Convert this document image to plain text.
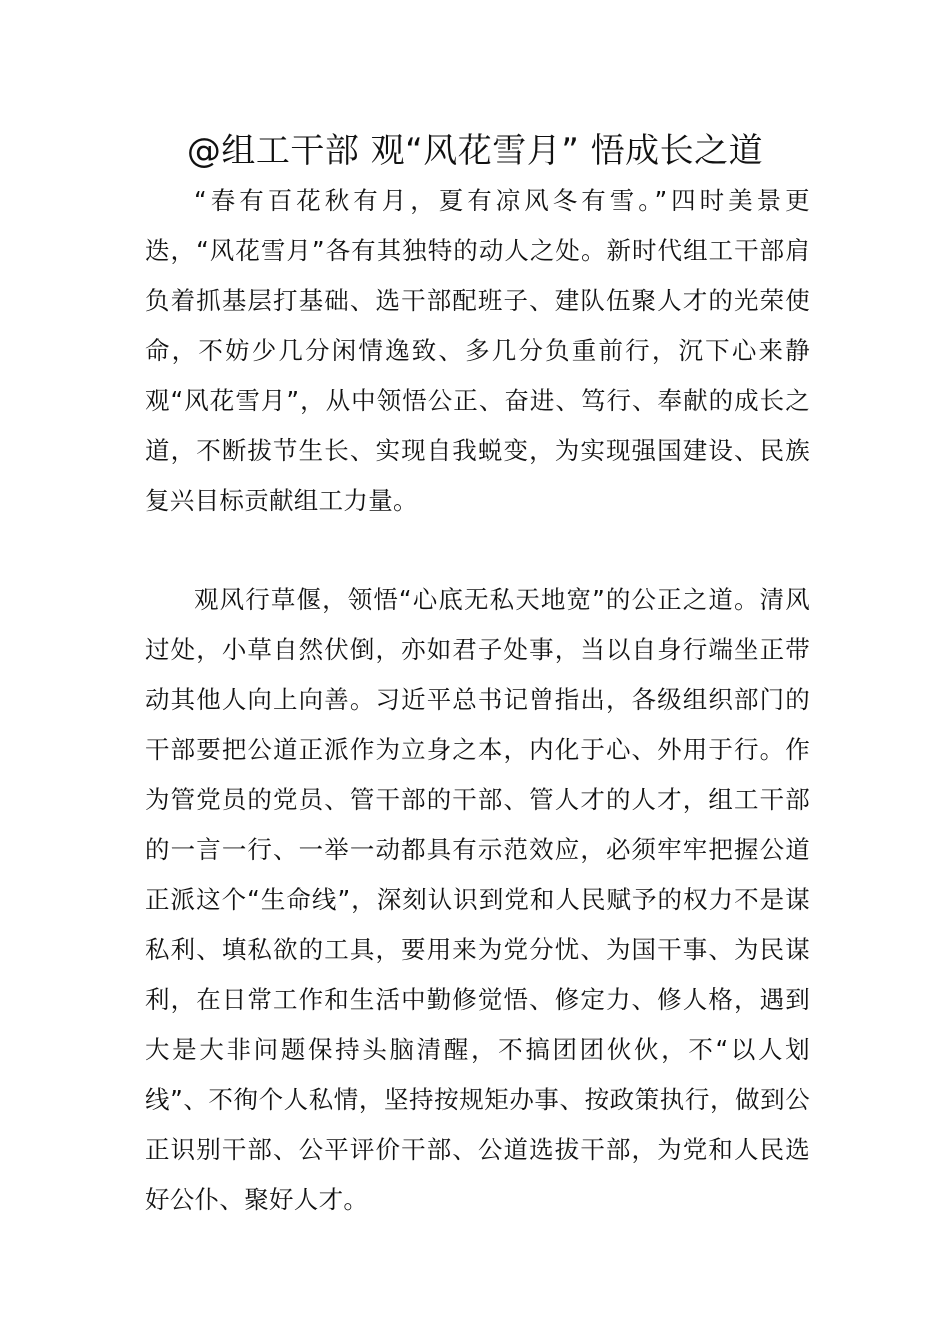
@组工干部 观“风花雪月” 悟成长之道

“春有百花秋有月，夏有凉风冬有雪。”四时美景更迭，“风花雪月”各有其独特的动人之处。新时代组工干部肩负着抓基层打基础、选干部配班子、建队伍聚人才的光荣使命，不妨少几分闲情逸致、多几分负重前行，沉下心来静观“风花雪月”，从中领悟公正、奋进、笃行、奉献的成长之道，不断拔节生长、实现自我蜕变，为实现强国建设、民族复兴目标贡献组工力量。

观风行草偃，领悟“心底无私天地宽”的公正之道。清风过处，小草自然伏倒，亦如君子处事，当以自身行端坐正带动其他人向上向善。习近平总书记曾指出，各级组织部门的干部要把公道正派作为立身之本，内化于心、外用于行。作为管党员的党员、管干部的干部、管人才的人才，组工干部的一言一行、一举一动都具有示范效应，必须牢牢把握公道正派这个“生命线”，深刻认识到党和人民赋予的权力不是谋私利、填私欲的工具，要用来为党分忧、为国干事、为民谋利，在日常工作和生活中勤修觉悟、修定力、修人格，遇到大是大非问题保持头脑清醒，不搞团团伙伙，不“以人划线”、不徇个人私情，坚持按规矩办事、按政策执行，做到公正识别干部、公平评价干部、公道选拔干部，为党和人民选好公仆、聚好人才。
